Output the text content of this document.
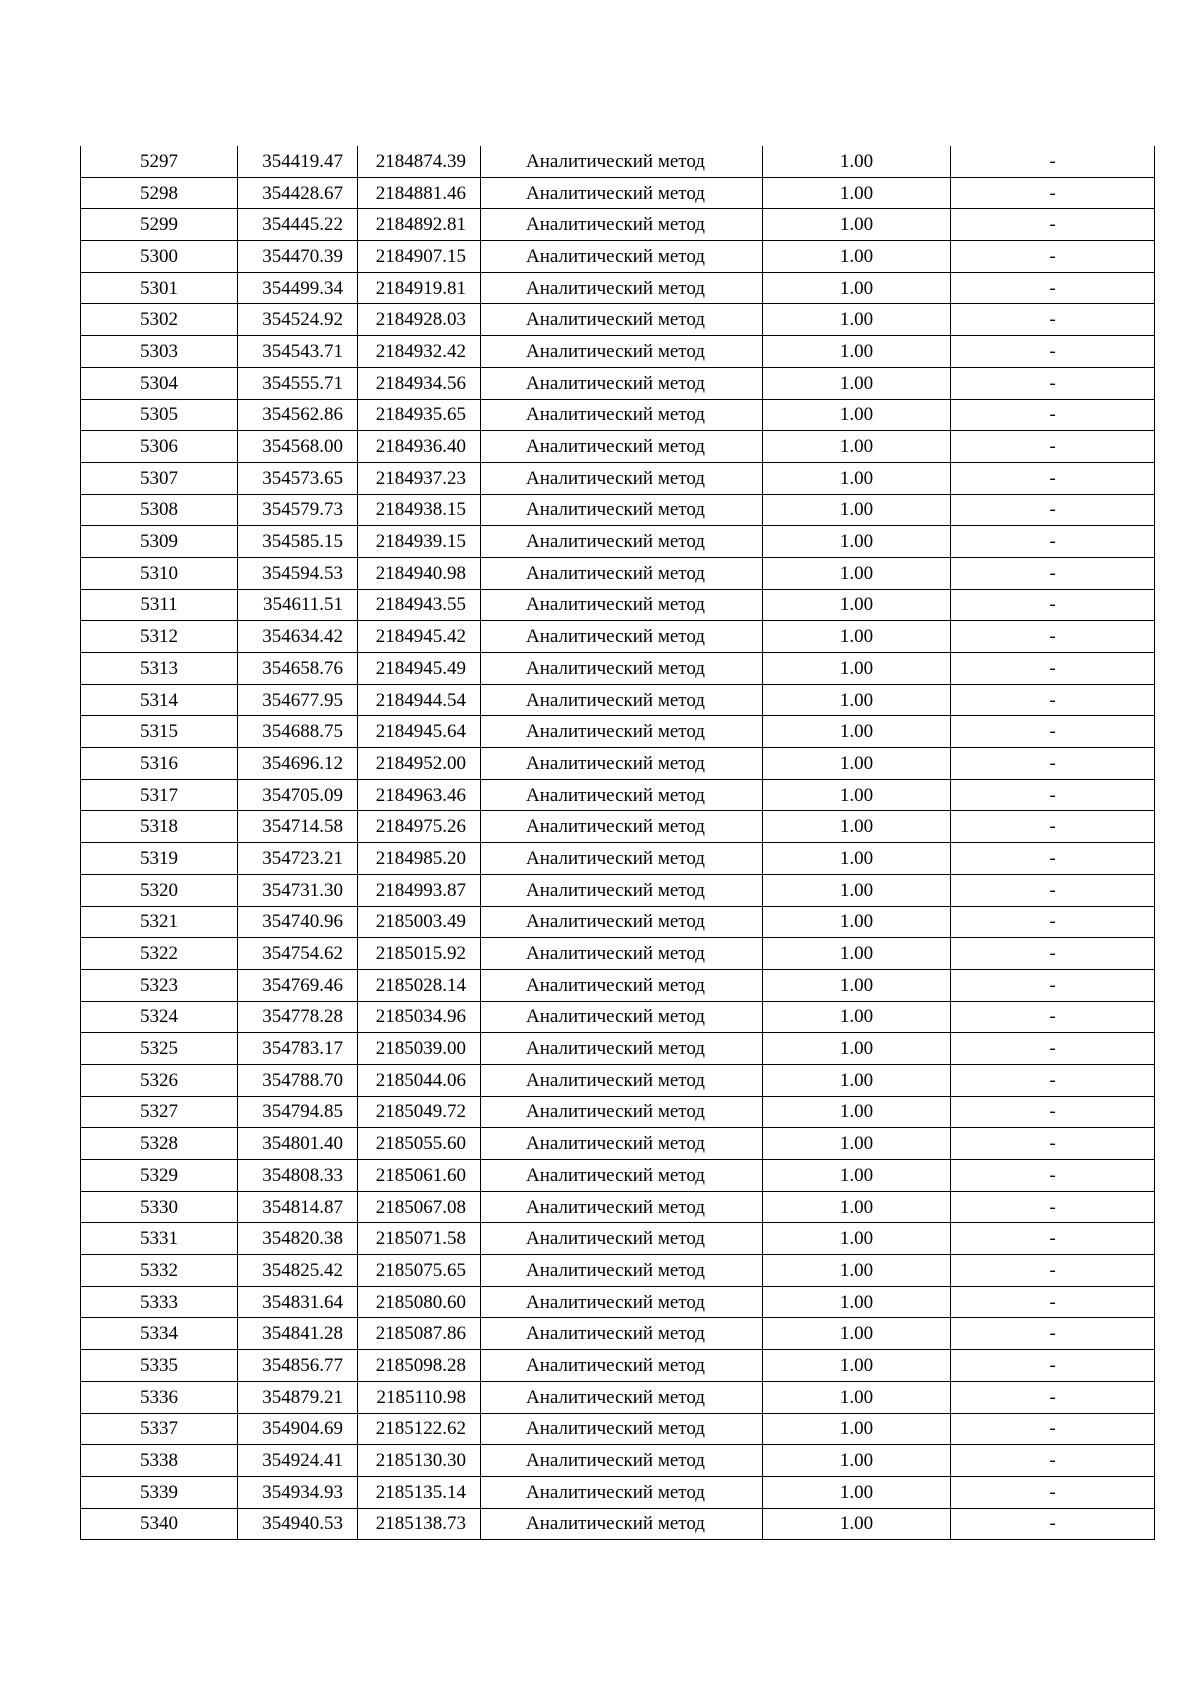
5297	354419.47	2184874.39	Аналитический метод	1.00	-
5298	354428.67	2184881.46	Аналитический метод	1.00	-
5299	354445.22	2184892.81	Аналитический метод	1.00	-
5300	354470.39	2184907.15	Аналитический метод	1.00	-
5301	354499.34	2184919.81	Аналитический метод	1.00	-
5302	354524.92	2184928.03	Аналитический метод	1.00	-
5303	354543.71	2184932.42	Аналитический метод	1.00	-
5304	354555.71	2184934.56	Аналитический метод	1.00	-
5305	354562.86	2184935.65	Аналитический метод	1.00	-
5306	354568.00	2184936.40	Аналитический метод	1.00	-
5307	354573.65	2184937.23	Аналитический метод	1.00	-
5308	354579.73	2184938.15	Аналитический метод	1.00	-
5309	354585.15	2184939.15	Аналитический метод	1.00	-
5310	354594.53	2184940.98	Аналитический метод	1.00	-
5311	354611.51	2184943.55	Аналитический метод	1.00	-
5312	354634.42	2184945.42	Аналитический метод	1.00	-
5313	354658.76	2184945.49	Аналитический метод	1.00	-
5314	354677.95	2184944.54	Аналитический метод	1.00	-
5315	354688.75	2184945.64	Аналитический метод	1.00	-
5316	354696.12	2184952.00	Аналитический метод	1.00	-
5317	354705.09	2184963.46	Аналитический метод	1.00	-
5318	354714.58	2184975.26	Аналитический метод	1.00	-
5319	354723.21	2184985.20	Аналитический метод	1.00	-
5320	354731.30	2184993.87	Аналитический метод	1.00	-
5321	354740.96	2185003.49	Аналитический метод	1.00	-
5322	354754.62	2185015.92	Аналитический метод	1.00	-
5323	354769.46	2185028.14	Аналитический метод	1.00	-
5324	354778.28	2185034.96	Аналитический метод	1.00	-
5325	354783.17	2185039.00	Аналитический метод	1.00	-
5326	354788.70	2185044.06	Аналитический метод	1.00	-
5327	354794.85	2185049.72	Аналитический метод	1.00	-
5328	354801.40	2185055.60	Аналитический метод	1.00	-
5329	354808.33	2185061.60	Аналитический метод	1.00	-
5330	354814.87	2185067.08	Аналитический метод	1.00	-
5331	354820.38	2185071.58	Аналитический метод	1.00	-
5332	354825.42	2185075.65	Аналитический метод	1.00	-
5333	354831.64	2185080.60	Аналитический метод	1.00	-
5334	354841.28	2185087.86	Аналитический метод	1.00	-
5335	354856.77	2185098.28	Аналитический метод	1.00	-
5336	354879.21	2185110.98	Аналитический метод	1.00	-
5337	354904.69	2185122.62	Аналитический метод	1.00	-
5338	354924.41	2185130.30	Аналитический метод	1.00	-
5339	354934.93	2185135.14	Аналитический метод	1.00	-
5340	354940.53	2185138.73	Аналитический метод	1.00	-
